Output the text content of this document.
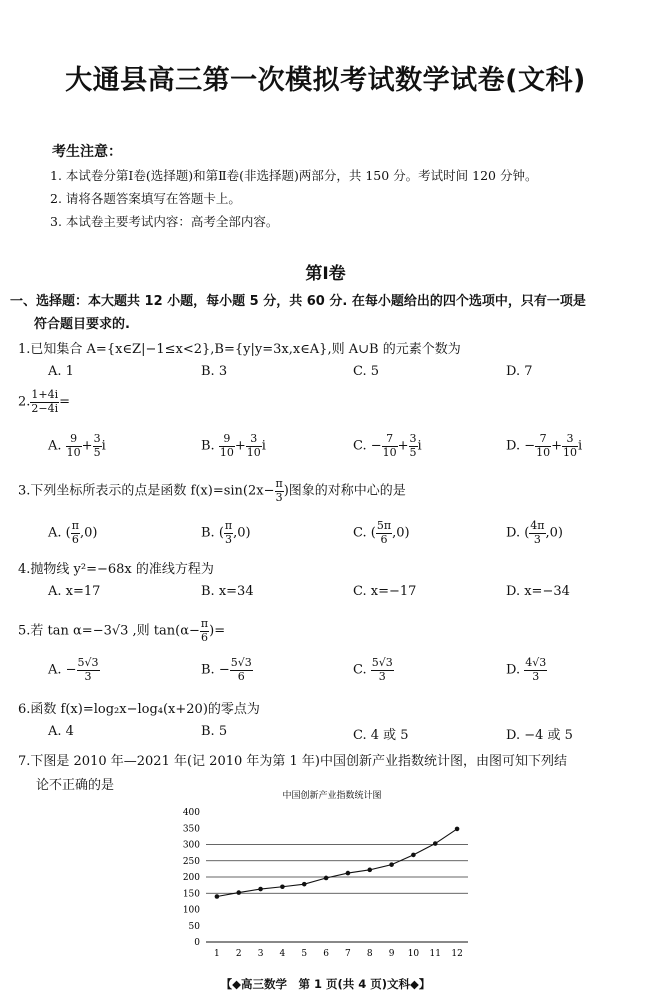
大通县高三第一次模拟考试数学试卷(文科)
考生注意：
1. 本试卷分第Ⅰ卷(选择题)和第Ⅱ卷(非选择题)两部分，共 150 分。考试时间 120 分钟。
2. 请将各题答案填写在答题卡上。
3. 本试卷主要考试内容：高考全部内容。
第Ⅰ卷
一、选择题：本大题共 12 小题，每小题 5 分，共 60 分. 在每小题给出的四个选项中，只有一项是
符合题目要求的.
1.已知集合 A={x∈Z|−1≤x<2},B={y|y=3x,x∈A},则 A∪B 的元素个数为
A. 1	B. 3	C. 5	D. 7
2. $\frac{1+4i}{2-4i}$ =
A. $\frac{9}{10} + \frac{3}{5}$ i	B. $\frac{9}{10} + \frac{3}{10}$ i	C. − $\frac{7}{10} + \frac{3}{5}$ i	D. − $\frac{7}{10} + \frac{3}{10}$ i
3.下列坐标所表示的点是函数 $f(x)=\sin(2x- \frac{\pi}{3}$ )图象的对称中心的是
A. ( $\frac{\pi}{6} ,0$)	B. ( $\frac{\pi}{3} ,0$)	C. ( $\frac{5\pi}{6} ,0$)	D. ( $\frac{4\pi}{3} ,0$)
4.抛物线 y²=−68x 的准线方程为
A. x=17	B. x=34	C. x=−17	D. x=−34
5.若 tan α=−3√3 ,则 $\tan(\alpha- \frac{\pi}{6}$ )=
A. − $\frac{5√3}{3}$	B. − $\frac{5√3}{6}$	C. $\frac{5√3}{3}$	D. $\frac{4√3}{3}$
6.函数 f(x)=log₂x−log₄(x+20)的零点为
A. 4	B. 5	C. 4 或 5	D. −4 或 5
7.下图是 2010 年—2021 年(记 2010 年为第 1 年)中国创新产业指数统计图，由图可知下列结
论不正确的是
中国创新产业指数统计图
0
50
100
150
200
250
300
350
400
1 2 3 4 5 6 7 8 9 10 11 12
【◆高三数学　第 1 页(共 4 页)文科◆】
